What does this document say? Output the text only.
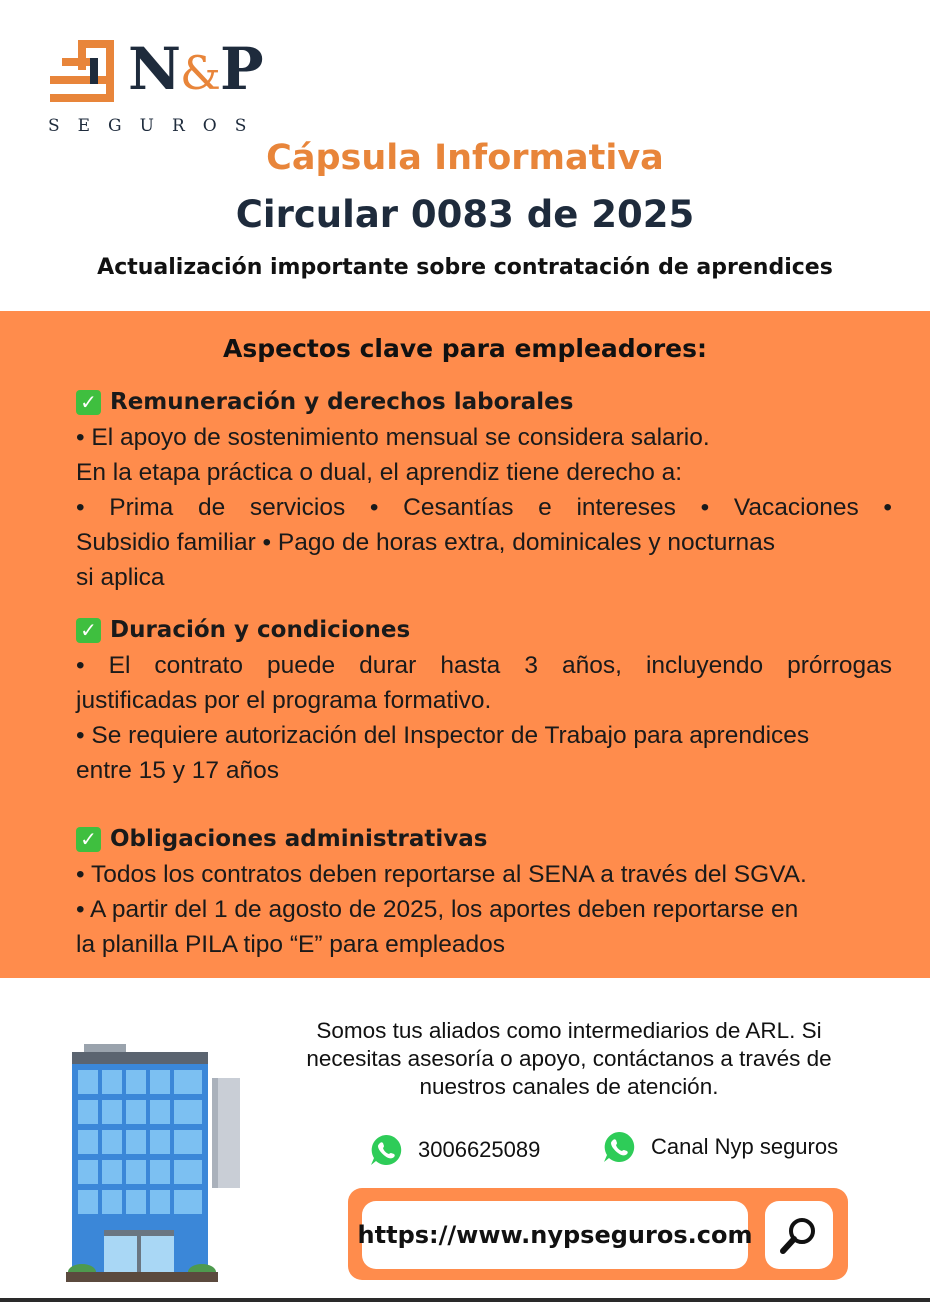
N&P
SEGUROS
Cápsula Informativa
Circular 0083 de 2025
Actualización importante sobre contratación de aprendices
Aspectos clave para empleadores:
✓ Remuneración y derechos laborales

• El apoyo de sostenimiento mensual se considera salario.

En la etapa práctica o dual, el aprendiz tiene derecho a:

• Prima de servicios • Cesantías e intereses • Vacaciones •

Subsidio familiar • Pago de horas extra, dominicales y nocturnas

si aplica

✓ Duración y condiciones

• El contrato puede durar hasta 3 años, incluyendo prórrogas

justificadas por el programa formativo.

• Se requiere autorización del Inspector de Trabajo para aprendices

entre 15 y 17 años

✓ Obligaciones administrativas

• Todos los contratos deben reportarse al SENA a través del SGVA.

• A partir del 1 de agosto de 2025, los aportes deben reportarse en

la planilla PILA tipo “E” para empleados

Somos tus aliados como intermediarios de ARL. Si
necesitas asesoría o apoyo, contáctanos a través de
nuestros canales de atención.
3006625089	Canal Nyp seguros
https://www.nypseguros.com
